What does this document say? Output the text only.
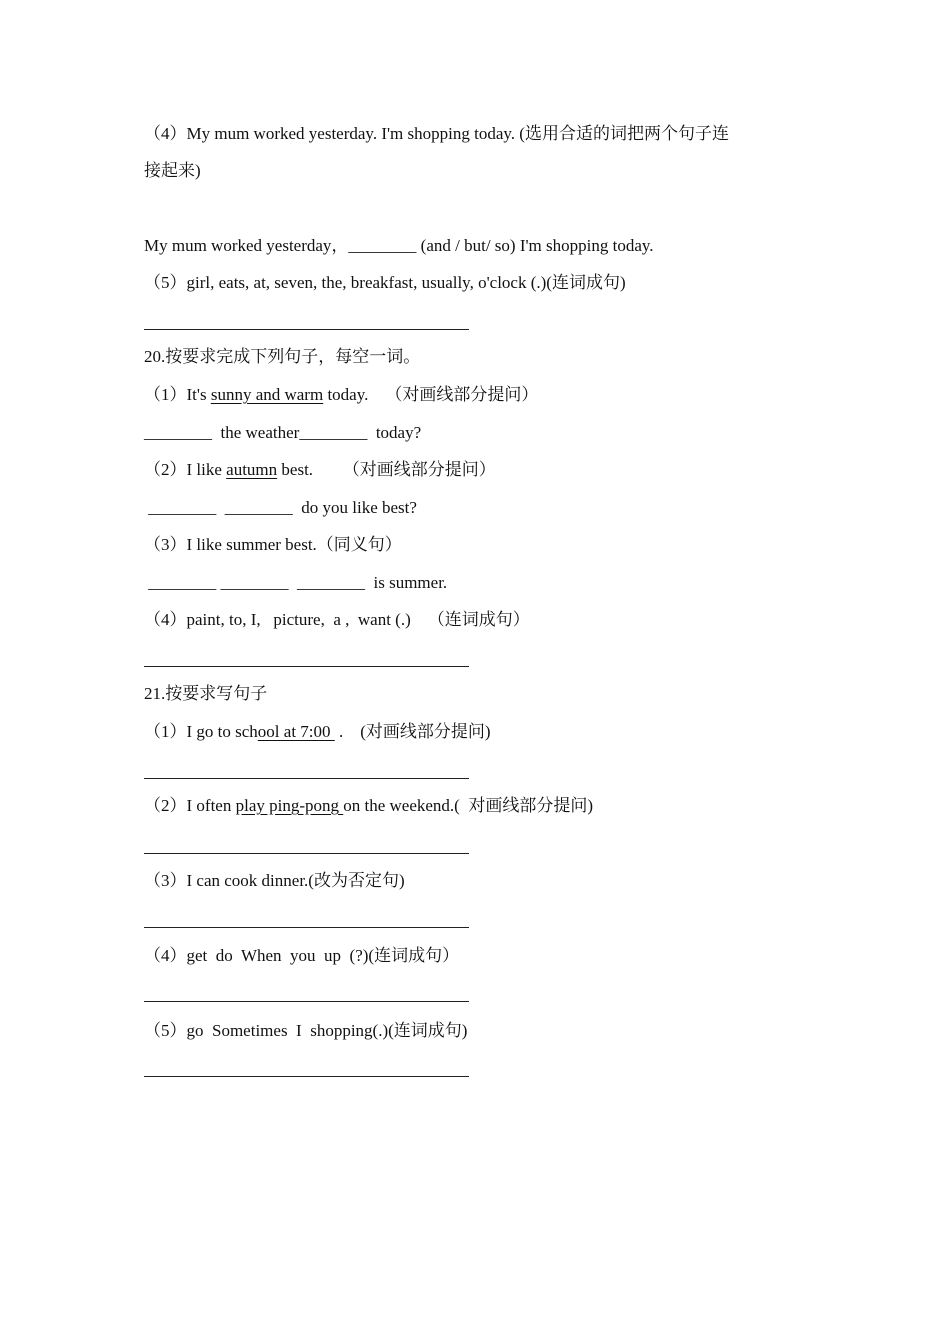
（4）My mum worked yesterday. I'm shopping today. (选用合适的词把两个句子连
接起来)
My mum worked yesterday，________ (and / but/ so) I'm shopping today.
（5）girl, eats, at, seven, the, breakfast, usually, o'clock (.)(连词成句)
20.按要求完成下列句子，每空一词。
（1）It's sunny and warm today.    （对画线部分提问）
________  the weather________  today?
（2）I like autumn best.       （对画线部分提问）
________  ________  do you like best?
（3）I like summer best.（同义句）
________ ________  ________  is summer.
（4）paint, to, I,   picture,  a ,  want (.)    （连词成句）
21.按要求写句子
（1）I go to school at 7:00  .    (对画线部分提问)
（2）I often play ping-pong on the weekend.(  对画线部分提问)
（3）I can cook dinner.(改为否定句)
（4）get  do  When  you  up  (?)(连词成句）
（5）go  Sometimes  I  shopping(.)(连词成句)
